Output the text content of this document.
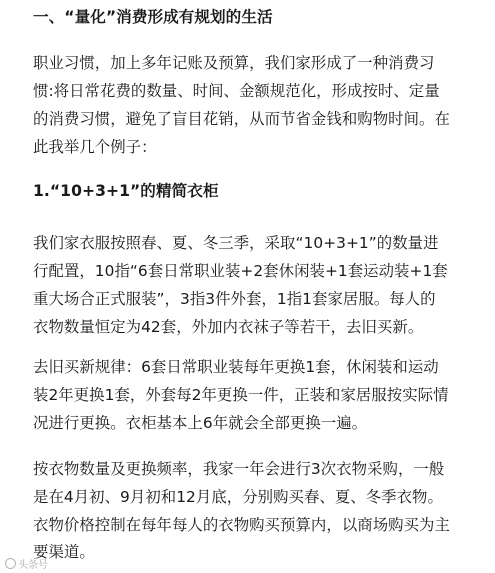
一、“量化”消费形成有规划的生活
职业习惯，加上多年记账及预算，我们家形成了一种消费习
惯:将日常花费的数量、时间、金额规范化，形成按时、定量
的消费习惯，避免了盲目花销，从而节省金钱和购物时间。在
此我举几个例子：
1.“10+3+1”的精简衣柜
我们家衣服按照春、夏、冬三季，采取“10+3+1”的数量进
行配置，10指“6套日常职业装+2套休闲装+1套运动装+1套
重大场合正式服装”，3指3件外套，1指1套家居服。每人的
衣物数量恒定为42套，外加内衣袜子等若干，去旧买新。
去旧买新规律：6套日常职业装每年更换1套，休闲装和运动
装2年更换1套，外套每2年更换一件，正装和家居服按实际情
况进行更换。衣柜基本上6年就会全部更换一遍。
按衣物数量及更换频率，我家一年会进行3次衣物采购，一般
是在4月初、9月初和12月底，分别购买春、夏、冬季衣物。
衣物价格控制在每年每人的衣物购买预算内，以商场购买为主
要渠道。
头条号
